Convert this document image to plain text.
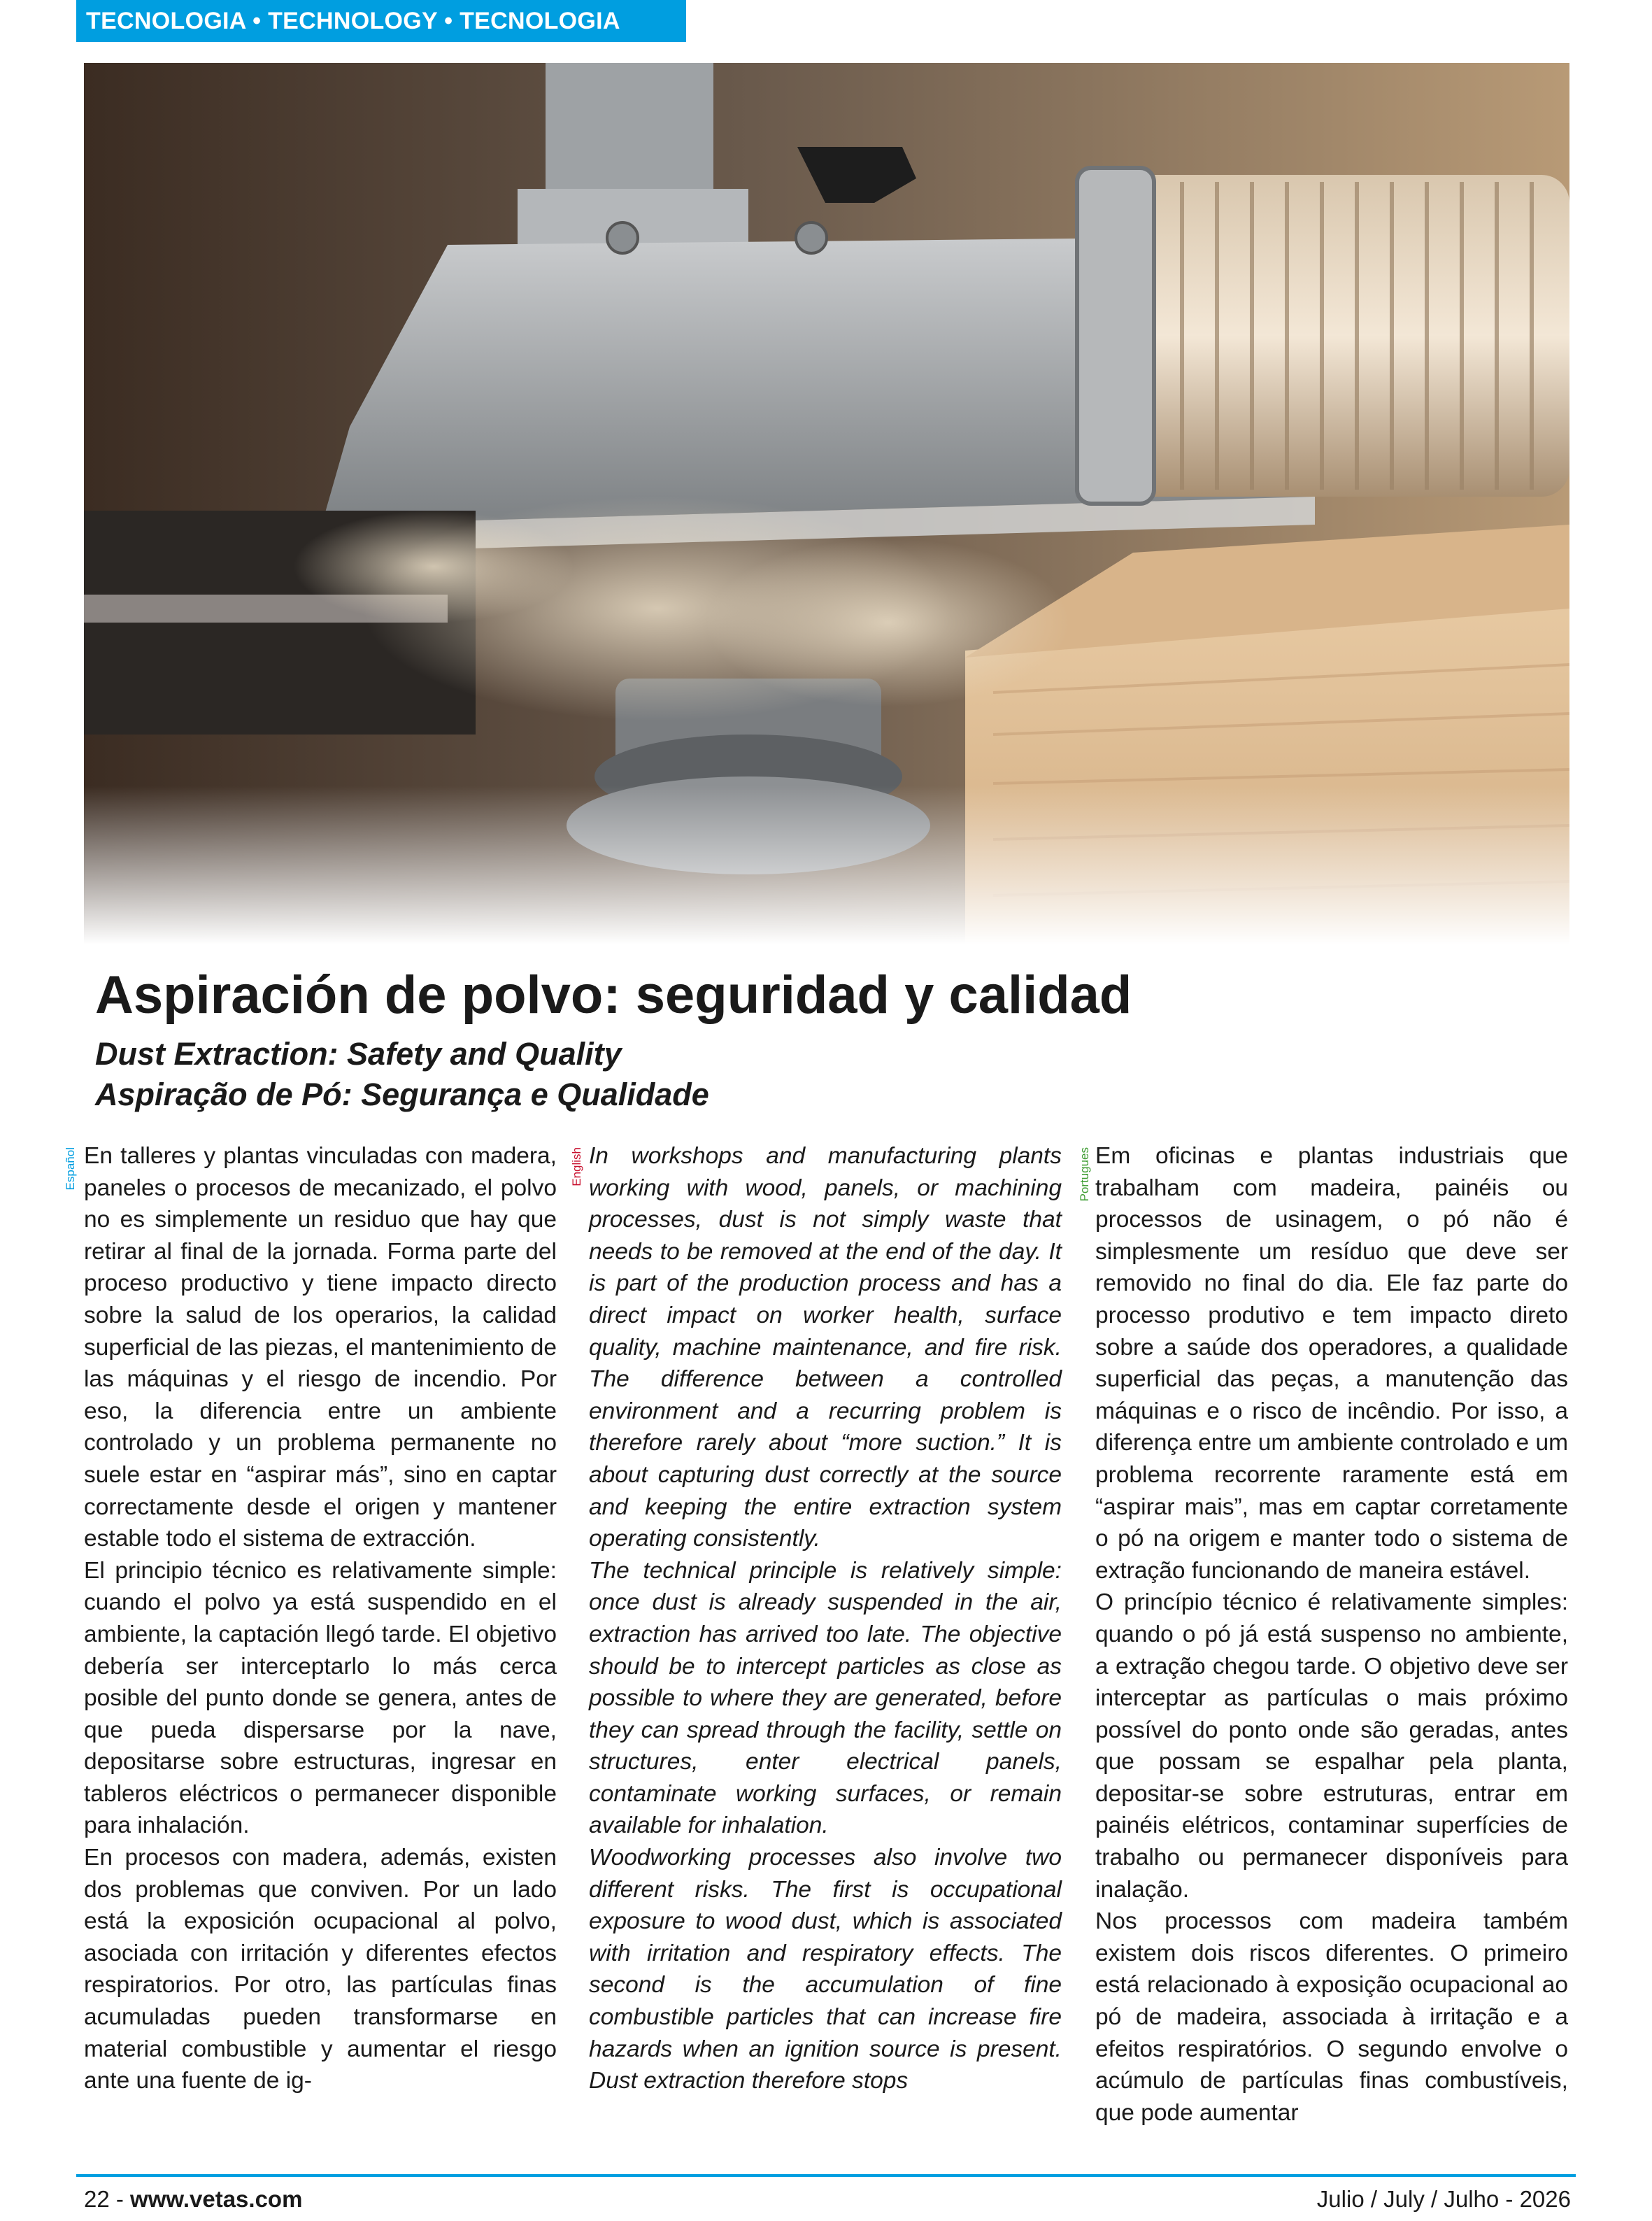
TECNOLOGIA • TECHNOLOGY • TECNOLOGIA
Aspiración de polvo: seguridad y calidad
Dust Extraction: Safety and Quality
Aspiração de Pó: Segurança e Qualidade
Español	English	Portugues

En talleres y plantas vinculadas con madera, paneles o procesos de mecanizado, el polvo no es simplemente un residuo que hay que retirar al final de la jornada. Forma parte del proceso productivo y tiene impacto directo sobre la salud de los operarios, la calidad superficial de las piezas, el mantenimiento de las máquinas y el riesgo de incendio. Por eso, la diferencia entre un ambiente controlado y un problema permanente no suele estar en “aspirar más”, sino en captar correctamente desde el origen y mantener estable todo el sistema de extracción.

El principio técnico es relativamente simple: cuando el polvo ya está suspendido en el ambiente, la captación llegó tarde. El objetivo debería ser interceptarlo lo más cerca posible del punto donde se genera, antes de que pueda dispersarse por la nave, depositarse sobre estructuras, ingresar en tableros eléctricos o permanecer disponible para inhalación.

En procesos con madera, además, existen dos problemas que conviven. Por un lado está la exposición ocupacional al polvo, asociada con irritación y diferentes efectos respiratorios. Por otro, las partículas finas acumuladas pueden transformarse en material combustible y aumentar el riesgo ante una fuente de ig-

In workshops and manufacturing plants working with wood, panels, or machining processes, dust is not simply waste that needs to be removed at the end of the day. It is part of the production process and has a direct impact on worker health, surface quality, machine maintenance, and fire risk. The difference between a controlled environment and a recurring problem is therefore rarely about “more suction.” It is about capturing dust correctly at the source and keeping the entire extraction system operating consistently.

The technical principle is relatively simple: once dust is already suspended in the air, extraction has arrived too late. The objective should be to intercept particles as close as possible to where they are generated, before they can spread through the facility, settle on structures, enter electrical panels, contaminate working surfaces, or remain available for inhalation.

Woodworking processes also involve two different risks. The first is occupational exposure to wood dust, which is associated with irritation and respiratory effects. The second is the accumulation of fine combustible particles that can increase fire hazards when an ignition source is present. Dust extraction therefore stops

Em oficinas e plantas industriais que trabalham com madeira, painéis ou processos de usinagem, o pó não é simplesmente um resíduo que deve ser removido no final do dia. Ele faz parte do processo produtivo e tem impacto direto sobre a saúde dos operadores, a qualidade superficial das peças, a manutenção das máquinas e o risco de incêndio. Por isso, a diferença entre um ambiente controlado e um problema recorrente raramente está em “aspirar mais”, mas em captar corretamente o pó na origem e manter todo o sistema de extração funcionando de maneira estável.

O princípio técnico é relativamente simples: quando o pó já está suspenso no ambiente, a extração chegou tarde. O objetivo deve ser interceptar as partículas o mais próximo possível do ponto onde são geradas, antes que possam se espalhar pela planta, depositar-se sobre estruturas, entrar em painéis elétricos, contaminar superfícies de trabalho ou permanecer disponíveis para inalação.

Nos processos com madeira também existem dois riscos diferentes. O primeiro está relacionado à exposição ocupacional ao pó de madeira, associada à irritação e a efeitos respiratórios. O segundo envolve o acúmulo de partículas finas combustíveis, que pode aumentar

22 - www.vetas.com	Julio / July / Julho - 2026
